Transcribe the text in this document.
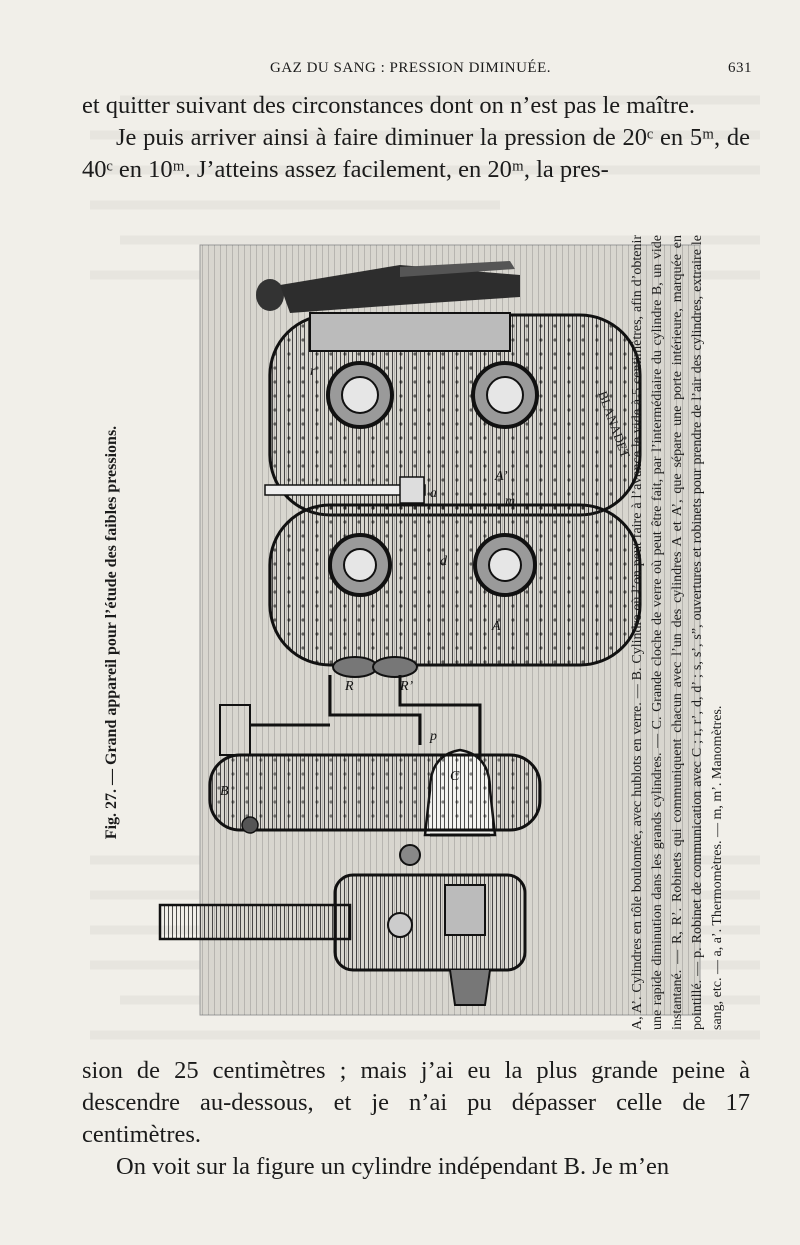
GAZ DU SANG : PRESSION DIMINUÉE.	631

et quitter suivant des circonstances dont on n’est pas le maître.

Je puis arriver ainsi à faire diminuer la pression de 20ᶜ en 5ᵐ, de 40ᶜ en 10ᵐ. J’atteins assez facilement, en 20ᵐ, la pres-

BLANADET
A’
A
R	R’
p
C
B
r
d
m
a
Fig. 27. — Grand appareil pour l’étude des faibles pressions.	A, A’. Cylindres en tôle boulonnée, avec hublots en verre. — B. Cylindre où l’on peut faire à l’avance le vide à 5 centimètres, afin d’obtenir une rapide diminution dans les grands cylindres. — C. Grande cloche de verre où peut être fait, par l’intermédiaire du cylindre B, un vide instantané. — R, R’. Robinets qui communiquent chacun avec l’un des cylindres A et A’, que sépare une porte intérieure, marquée en pointillé. — p. Robinet de communication avec C ; r, r’, d, d’ ; s, s’, s”, ouvertures et robinets pour prendre de l’air des cylindres, extraire le sang, etc. — a, a’. Thermomètres. — m, m’. Manomètres.

sion de 25 centimètres ; mais j’ai eu la plus grande peine à descendre au-dessous, et je n’ai pu dépasser celle de 17 centimètres.

On voit sur la figure un cylindre indépendant B. Je m’en
